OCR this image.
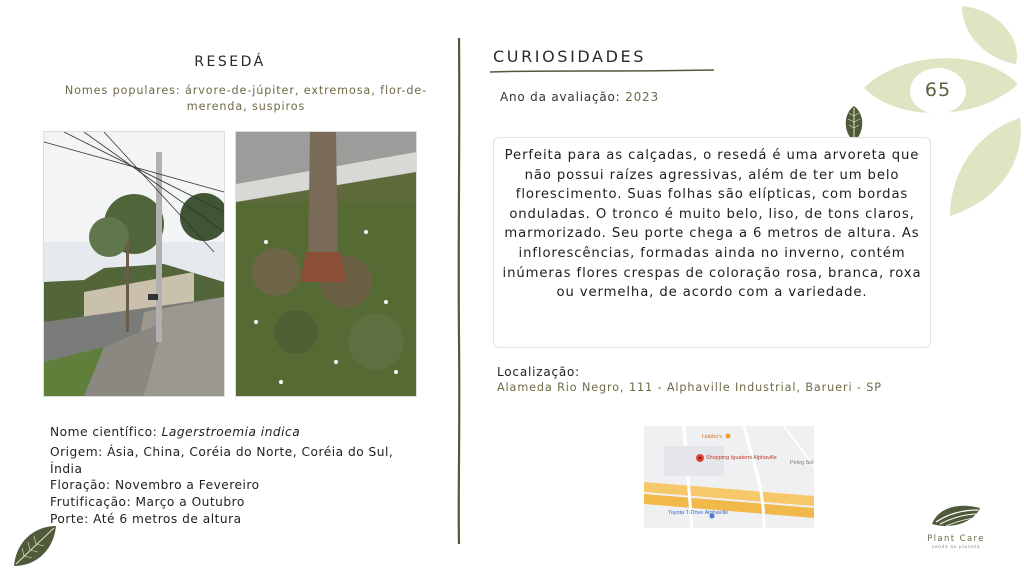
65
RESEDÁ
Nomes populares: árvore-de-júpiter, extremosa, flor-de-merenda, suspiros
Nome científico: Lagerstroemia indica
Origem: Ásia, China, Coréia do Norte, Coréia do Sul, Índia
Floração: Novembro a Fevereiro
Frutificação: Março a Outubro
Porte: Até 6 metros de altura
CURIOSIDADES
Ano da avaliação: 2023
Perfeita para as calçadas, o resedá é uma arvoreta que não possui raízes agressivas, além de ter um belo florescimento. Suas folhas são elípticas, com bordas onduladas. O tronco é muito belo, liso, de tons claros, marmorizado. Seu porte chega a 6 metros de altura. As inflorescências, formadas ainda no inverno, contém inúmeras flores crespas de coloração rosa, branca, roxa ou vermelha, de acordo com a variedade.
Localização:
Alameda Rio Negro, 111 - Alphaville Industrial, Barueri - SP
Habbo's
Shopping Iguatemi Alphaville
Peleg Sol
Toyota T-Drive Alphaville
Plant Care
saúde ao planeta
